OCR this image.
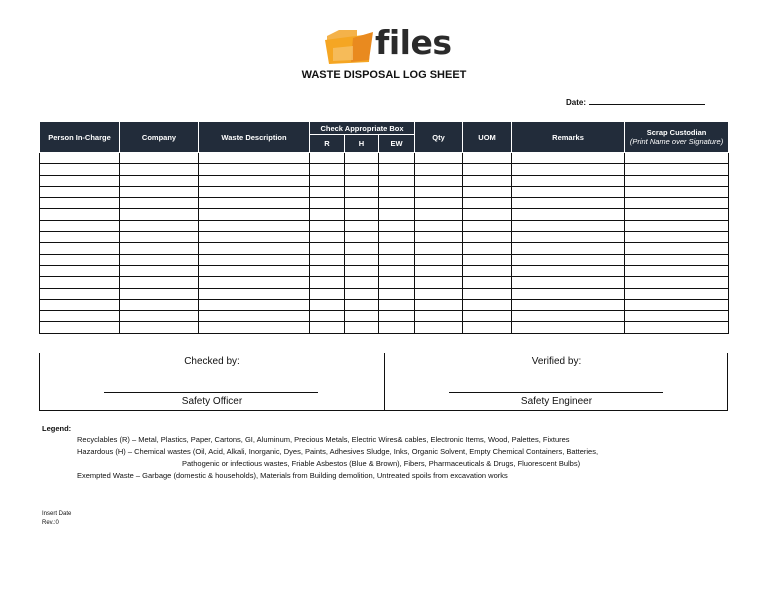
files
WASTE DISPOSAL LOG SHEET
Date:
Person In-Charge	Company	Waste Description	Check Appropriate Box			Qty	UOM	Remarks	Scrap Custodian
(Print Name over Signature)
			R	H	EW				

Checked by:
Safety Officer
Verified by:
Safety Engineer
Legend:
Recyclables (R) – Metal, Plastics, Paper, Cartons, GI, Aluminum, Precious Metals, Electric Wires& cables, Electronic Items, Wood, Palettes, Fixtures
Hazardous (H) – Chemical wastes (Oil, Acid, Alkali, Inorganic, Dyes, Paints, Adhesives Sludge, Inks, Organic Solvent, Empty Chemical Containers, Batteries,
Pathogenic or infectious wastes, Friable Asbestos (Blue & Brown), Fibers, Pharmaceuticals & Drugs, Fluorescent Bulbs)
Exempted Waste – Garbage (domestic & households), Materials from Building demolition, Untreated spoils from excavation works
Insert Date
Rev.:0
